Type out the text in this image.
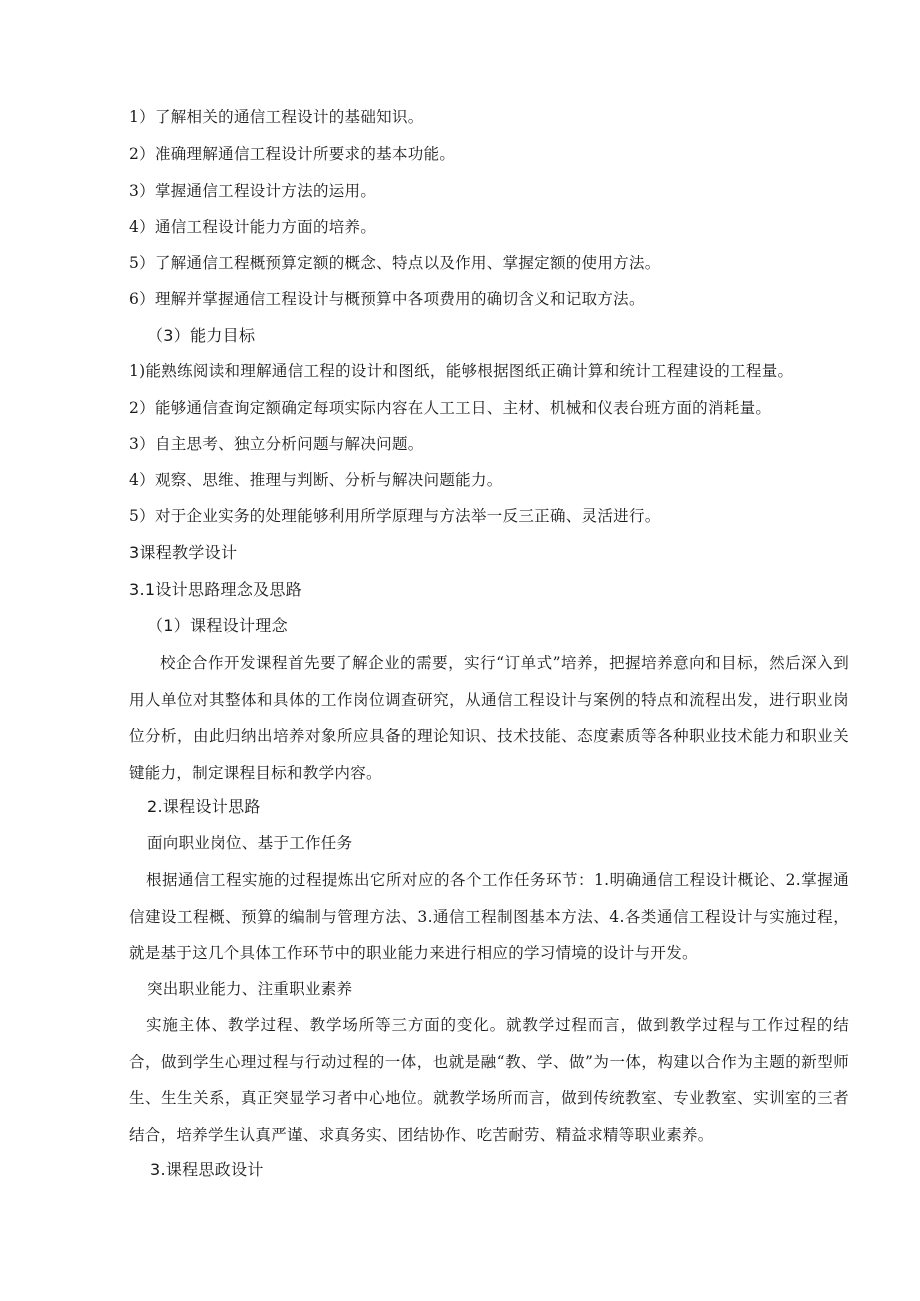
1）了解相关的通信工程设计的基础知识。
2）准确理解通信工程设计所要求的基本功能。
3）掌握通信工程设计方法的运用。
4）通信工程设计能力方面的培养。
5）了解通信工程概预算定额的概念、特点以及作用、掌握定额的使用方法。
6）理解并掌握通信工程设计与概预算中各项费用的确切含义和记取方法。
（3）能力目标
1)能熟练阅读和理解通信工程的设计和图纸，能够根据图纸正确计算和统计工程建设的工程量。
2）能够通信查询定额确定每项实际内容在人工工日、主材、机械和仪表台班方面的消耗量。
3）自主思考、独立分析问题与解决问题。
4）观察、思维、推理与判断、分析与解决问题能力。
5）对于企业实务的处理能够利用所学原理与方法举一反三正确、灵活进行。
3课程教学设计
3.1设计思路理念及思路
（1）课程设计理念
校企合作开发课程首先要了解企业的需要，实行“订单式”培养，把握培养意向和目标，然后深入到用人单位对其整体和具体的工作岗位调查研究，从通信工程设计与案例的特点和流程出发，进行职业岗位分析，由此归纳出培养对象所应具备的理论知识、技术技能、态度素质等各种职业技术能力和职业关键能力，制定课程目标和教学内容。
2.课程设计思路
面向职业岗位、基于工作任务
根据通信工程实施的过程提炼出它所对应的各个工作任务环节：1.明确通信工程设计概论、2.掌握通信建设工程概、预算的编制与管理方法、3.通信工程制图基本方法、4.各类通信工程设计与实施过程，就是基于这几个具体工作环节中的职业能力来进行相应的学习情境的设计与开发。
突出职业能力、注重职业素养
实施主体、教学过程、教学场所等三方面的变化。就教学过程而言，做到教学过程与工作过程的结合，做到学生心理过程与行动过程的一体，也就是融“教、学、做”为一体，构建以合作为主题的新型师生、生生关系，真正突显学习者中心地位。就教学场所而言，做到传统教室、专业教室、实训室的三者结合，培养学生认真严谨、求真务实、团结协作、吃苦耐劳、精益求精等职业素养。
3.课程思政设计
